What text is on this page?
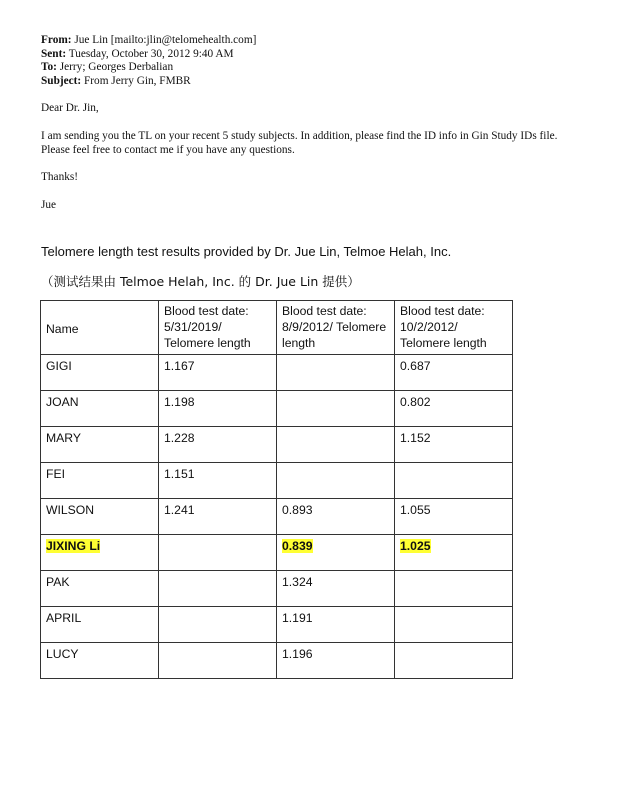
From: Jue Lin [mailto:jlin@telomehealth.com]
Sent: Tuesday, October 30, 2012 9:40 AM
To: Jerry; Georges Derbalian
Subject: From Jerry Gin, FMBR

Dear Dr. Jin,

I am sending you the TL on your recent 5 study subjects. In addition, please find the ID info in Gin Study IDs file. Please feel free to contact me if you have any questions.

Thanks!

Jue

Telomere length test results provided by Dr. Jue Lin, Telmoe Helah, Inc.
（测试结果由 Telmoe Helah, Inc. 的 Dr. Jue Lin 提供）
Name	Blood test date: 5/31/2019/ Telomere length	Blood test date: 8/9/2012/ Telomere length	Blood test date: 10/2/2012/ Telomere length
GIGI	1.167		0.687
JOAN	1.198		0.802
MARY	1.228		1.152
FEI	1.151		
WILSON	1.241	0.893	1.055
JIXING Li		0.839	1.025
PAK		1.324	
APRIL		1.191	
LUCY		1.196	
